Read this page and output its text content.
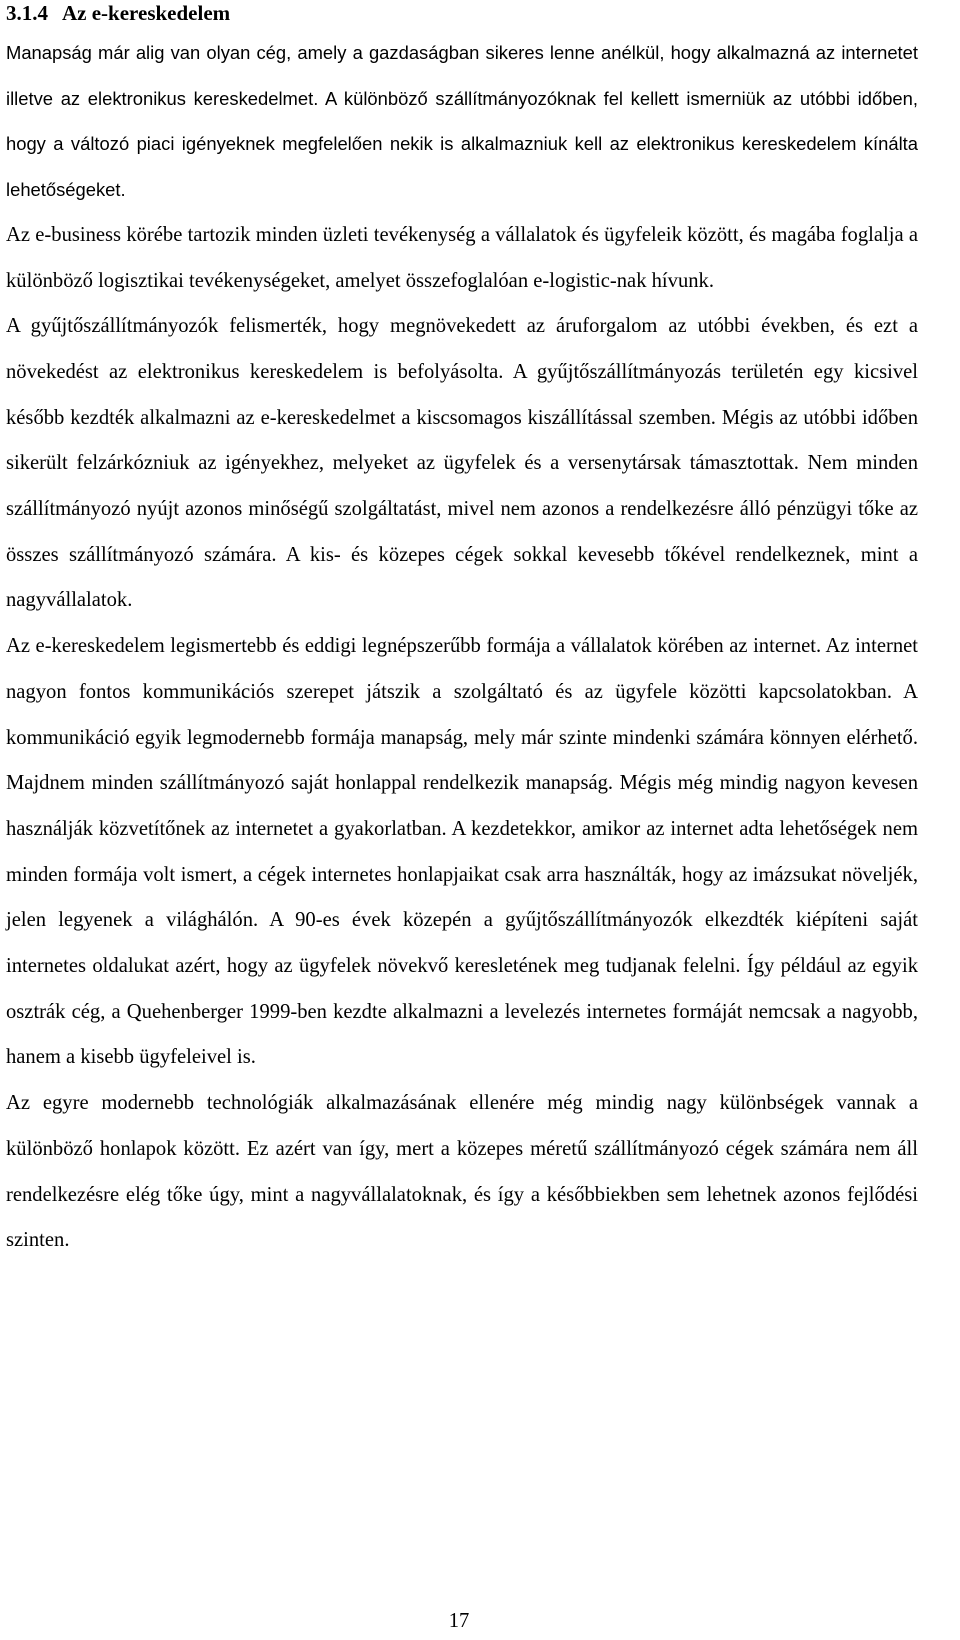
3.1.4 Az e-kereskedelem

Manapság már alig van olyan cég, amely a gazdaságban sikeres lenne anélkül, hogy alkalmazná az internetet illetve az elektronikus kereskedelmet. A különböző szállítmányozóknak fel kellett ismerniük az utóbbi időben, hogy a változó piaci igényeknek megfelelően nekik is alkalmazniuk kell az elektronikus kereskedelem kínálta lehetőségeket.

Az e-business körébe tartozik minden üzleti tevékenység a vállalatok és ügyfeleik között, és magába foglalja a különböző logisztikai tevékenységeket, amelyet összefoglalóan e-logistic-nak hívunk.

A gyűjtőszállítmányozók felismerték, hogy megnövekedett az áruforgalom az utóbbi években, és ezt a növekedést az elektronikus kereskedelem is befolyásolta. A gyűjtőszállítmányozás területén egy kicsivel később kezdték alkalmazni az e-kereskedelmet a kiscsomagos kiszállítással szemben. Mégis az utóbbi időben sikerült felzárkózniuk az igényekhez, melyeket az ügyfelek és a versenytársak támasztottak. Nem minden szállítmányozó nyújt azonos minőségű szolgáltatást, mivel nem azonos a rendelkezésre álló pénzügyi tőke az összes szállítmányozó számára. A kis- és közepes cégek sokkal kevesebb tőkével rendelkeznek, mint a nagyvállalatok.

Az e-kereskedelem legismertebb és eddigi legnépszerűbb formája a vállalatok körében az internet. Az internet nagyon fontos kommunikációs szerepet játszik a szolgáltató és az ügyfele közötti kapcsolatokban. A kommunikáció egyik legmodernebb formája manapság, mely már szinte mindenki számára könnyen elérhető. Majdnem minden szállítmányozó saját honlappal rendelkezik manapság. Mégis még mindig nagyon kevesen használják közvetítőnek az internetet a gyakorlatban. A kezdetekkor, amikor az internet adta lehetőségek nem minden formája volt ismert, a cégek internetes honlapjaikat csak arra használták, hogy az imázsukat növeljék, jelen legyenek a világhálón. A 90-es évek közepén a gyűjtőszállítmányozók elkezdték kiépíteni saját internetes oldalukat azért, hogy az ügyfelek növekvő keresletének meg tudjanak felelni. Így például az egyik osztrák cég, a Quehenberger 1999-ben kezdte alkalmazni a levelezés internetes formáját nemcsak a nagyobb, hanem a kisebb ügyfeleivel is.

Az egyre modernebb technológiák alkalmazásának ellenére még mindig nagy különbségek vannak a különböző honlapok között. Ez azért van így, mert a közepes méretű szállítmányozó cégek számára nem áll rendelkezésre elég tőke úgy, mint a nagyvállalatoknak, és így a későbbiekben sem lehetnek azonos fejlődési szinten.

17
